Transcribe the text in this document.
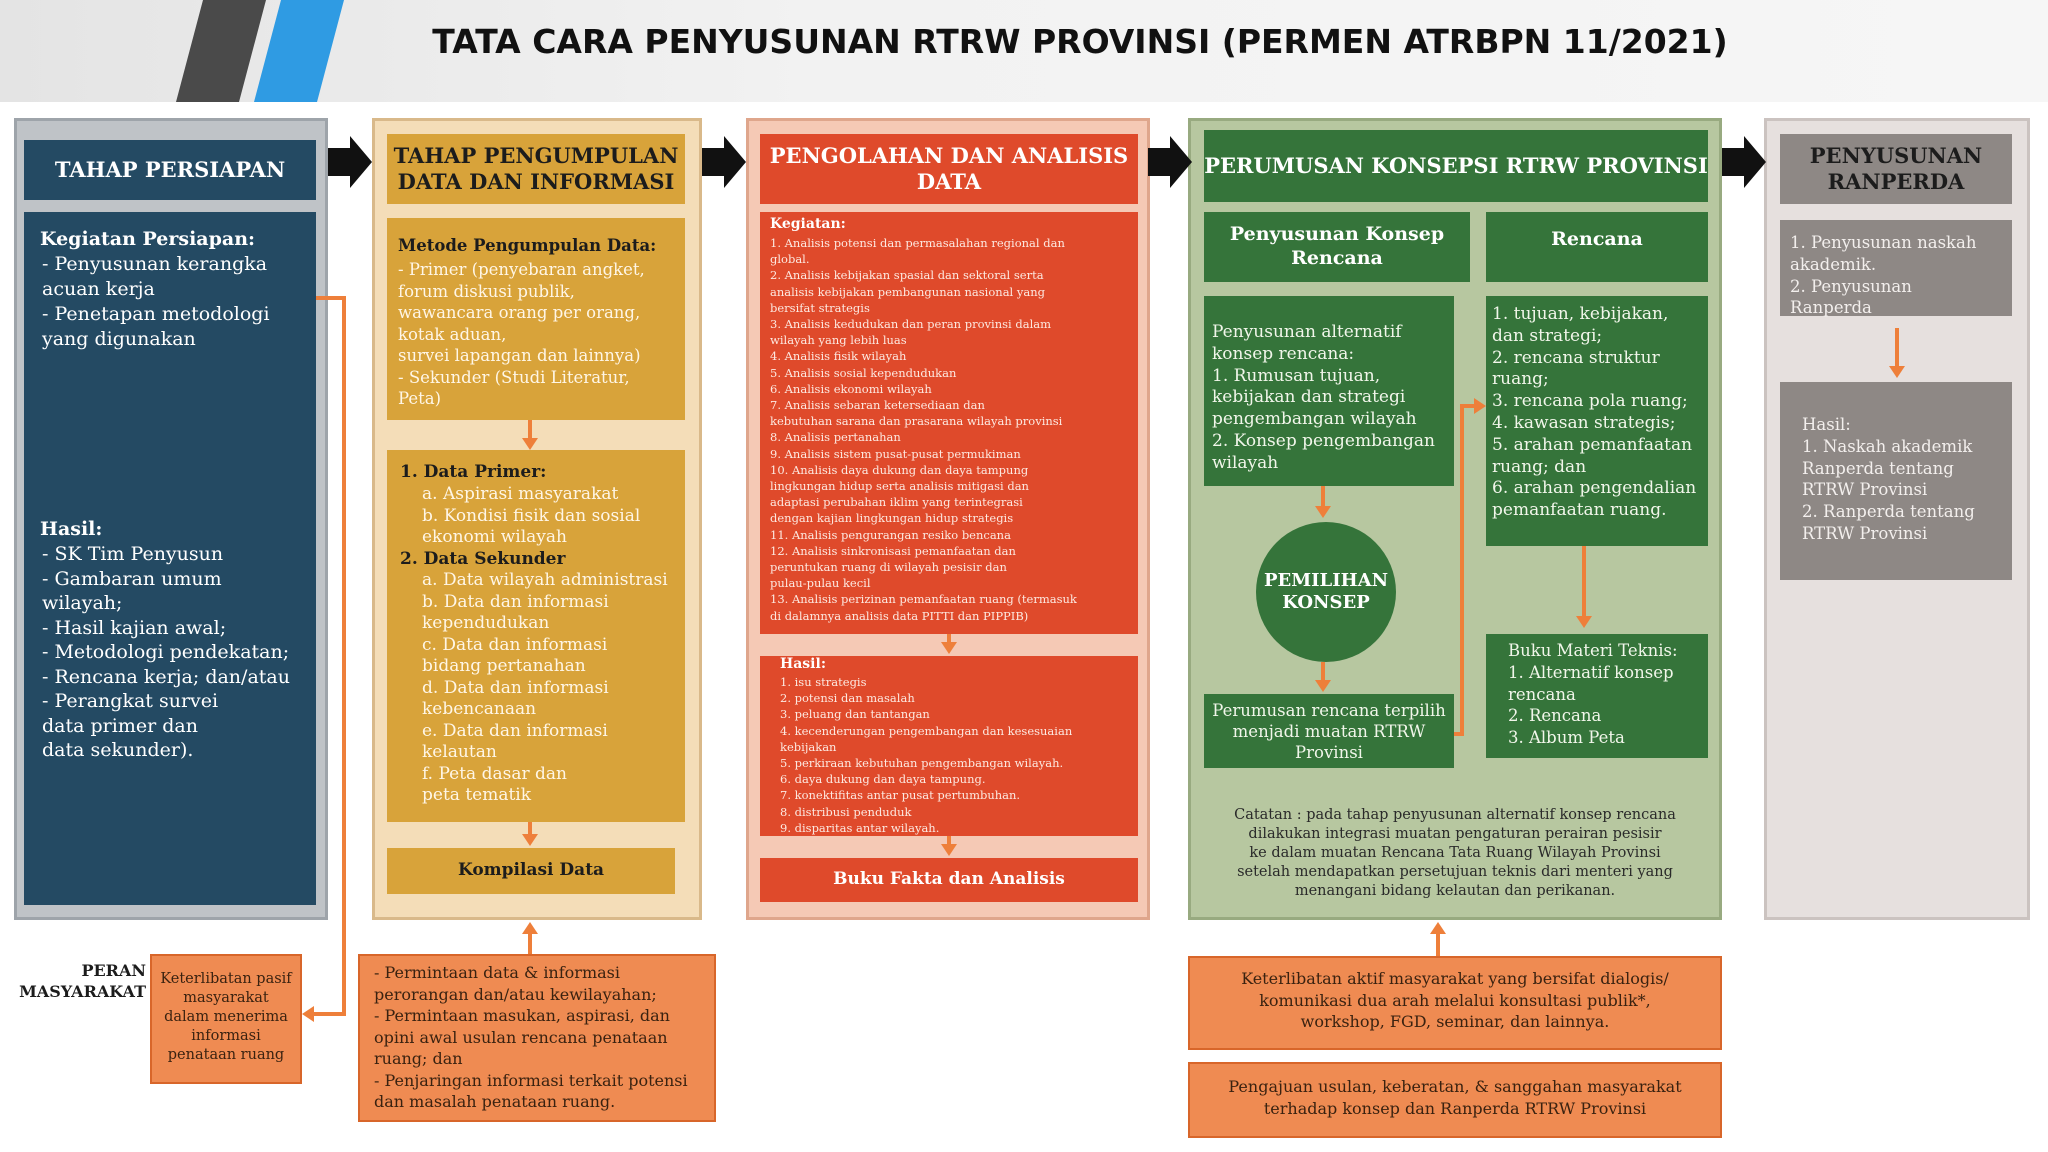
TATA CARA PENYUSUNAN RTRW PROVINSI (PERMEN ATRBPN 11/2021)
TAHAP PERSIAPAN
Kegiatan Persiapan:
- Penyusunan kerangka
acuan kerja
- Penetapan metodologi
yang digunakan
Hasil:
- SK Tim Penyusun
- Gambaran umum
wilayah;
- Hasil kajian awal;
- Metodologi pendekatan;
- Rencana kerja; dan/atau
- Perangkat survei
data primer dan
data sekunder).
TAHAP PENGUMPULAN DATA DAN INFORMASI
Metode Pengumpulan Data:
- Primer (penyebaran angket,
forum diskusi publik,
wawancara orang per orang,
kotak aduan,
survei lapangan dan lainnya)
- Sekunder (Studi Literatur,
Peta)
1. Data Primer:
a. Aspirasi masyarakat
b. Kondisi fisik dan sosial
ekonomi wilayah
2. Data Sekunder
a. Data wilayah administrasi
b. Data dan informasi
kependudukan
c. Data dan informasi
bidang pertanahan
d. Data dan informasi
kebencanaan
e. Data dan informasi
kelautan
f. Peta dasar dan
peta tematik
Kompilasi Data
PENGOLAHAN DAN ANALISIS DATA
Kegiatan:
1. Analisis potensi dan permasalahan regional dan
global.
2. Analisis kebijakan spasial dan sektoral serta
analisis kebijakan pembangunan nasional yang
bersifat strategis
3. Analisis kedudukan dan peran provinsi dalam
wilayah yang lebih luas
4. Analisis fisik wilayah
5. Analisis sosial kependudukan
6. Analisis ekonomi wilayah
7. Analisis sebaran ketersediaan dan
kebutuhan sarana dan prasarana wilayah provinsi
8. Analisis pertanahan
9. Analisis sistem pusat-pusat permukiman
10. Analisis daya dukung dan daya tampung
lingkungan hidup serta analisis mitigasi dan
adaptasi perubahan iklim yang terintegrasi
dengan kajian lingkungan hidup strategis
11. Analisis pengurangan resiko bencana
12. Analisis sinkronisasi pemanfaatan dan
peruntukan ruang di wilayah pesisir dan
pulau-pulau kecil
13. Analisis perizinan pemanfaatan ruang (termasuk
di dalamnya analisis data PITTI dan PIPPIB)
Hasil:
1. isu strategis
2. potensi dan masalah
3. peluang dan tantangan
4. kecenderungan pengembangan dan kesesuaian
kebijakan
5. perkiraan kebutuhan pengembangan wilayah.
6. daya dukung dan daya tampung.
7. konektifitas antar pusat pertumbuhan.
8. distribusi penduduk
9. disparitas antar wilayah.
Buku Fakta dan Analisis
PERUMUSAN KONSEPSI RTRW PROVINSI
Penyusunan Konsep Rencana
Rencana
Penyusunan alternatif
konsep rencana:
1. Rumusan tujuan,
kebijakan dan strategi
pengembangan wilayah
2. Konsep pengembangan
wilayah
1. tujuan, kebijakan,
dan strategi;
2. rencana struktur
ruang;
3. rencana pola ruang;
4. kawasan strategis;
5. arahan pemanfaatan
ruang; dan
6. arahan pengendalian
pemanfaatan ruang.
PEMILIHAN KONSEP
Perumusan rencana terpilih menjadi muatan RTRW Provinsi
Buku Materi Teknis:
1. Alternatif konsep
rencana
2. Rencana
3. Album Peta
Catatan : pada tahap penyusunan alternatif konsep rencana
dilakukan integrasi muatan pengaturan perairan pesisir
ke dalam muatan Rencana Tata Ruang Wilayah Provinsi
setelah mendapatkan persetujuan teknis dari menteri yang
menangani bidang kelautan dan perikanan.
PENYUSUNAN RANPERDA
1. Penyusunan naskah
akademik.
2. Penyusunan
Ranperda
Hasil:
1. Naskah akademik
Ranperda tentang
RTRW Provinsi
2. Ranperda tentang
RTRW Provinsi
PERAN
MASYARAKAT
Keterlibatan pasif
masyarakat
dalam menerima
informasi
penataan ruang
- Permintaan data & informasi
perorangan dan/atau kewilayahan;
- Permintaan masukan, aspirasi, dan
opini awal usulan rencana penataan
ruang; dan
- Penjaringan informasi terkait potensi
dan masalah penataan ruang.
Keterlibatan aktif masyarakat yang bersifat dialogis/
komunikasi dua arah melalui konsultasi publik*,
workshop, FGD, seminar, dan lainnya.
Pengajuan usulan, keberatan, & sanggahan masyarakat
terhadap konsep dan Ranperda RTRW Provinsi
